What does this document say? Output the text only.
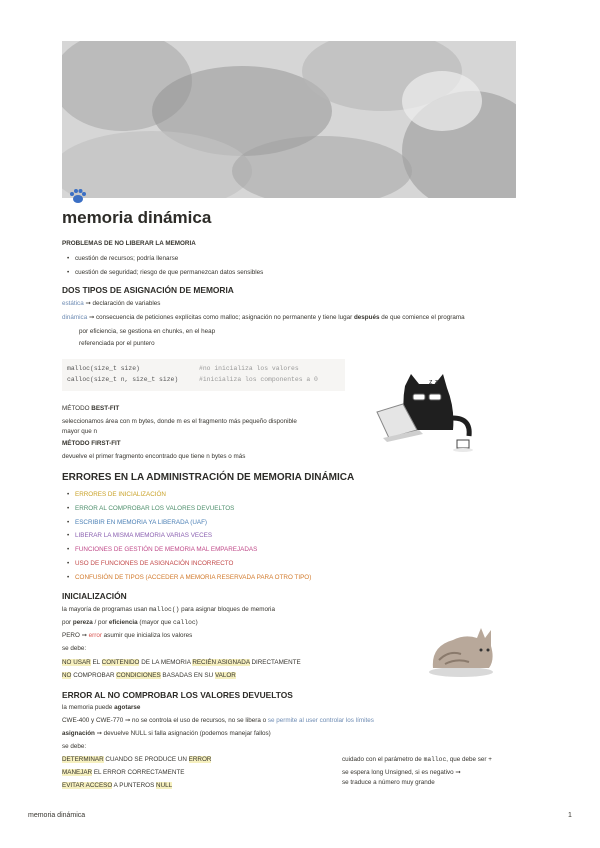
memoria dinámica
PROBLEMAS DE NO LIBERAR LA MEMORIA
• cuestión de recursos; podría llenarse
• cuestión de seguridad; riesgo de que permanezcan datos sensibles
DOS TIPOS DE ASIGNACIÓN DE MEMORIA
estática ➞ declaración de variables
dinámica ➞ consecuencia de peticiones explícitas como malloc; asignación no permanente y tiene lugar después de que comience el programa
por eficiencia, se gestiona en chunks, en el heap
referenciada por el puntero
malloc(size_t size)	#no inicializa los valores
calloc(size_t n, size_t size)	#inicializa los componentes a 0	z z
MÉTODO BEST-FIT
seleccionamos área con m bytes, donde m es el fragmento más pequeño disponible
mayor que n
MÉTODO FIRST-FIT
devuelve el primer fragmento encontrado que tiene n bytes o más
ERRORES EN LA ADMINISTRACIÓN DE MEMORIA DINÁMICA
• ERRORES DE INICIALIZACIÓN
• ERROR AL COMPROBAR LOS VALORES DEVUELTOS
• ESCRIBIR EN MEMORIA YA LIBERADA (UAF)
• LIBERAR LA MISMA MEMORIA VARIAS VECES
• FUNCIONES DE GESTIÓN DE MEMORIA MAL EMPAREJADAS
• USO DE FUNCIONES DE ASIGNACIÓN INCORRECTO
• CONFUSIÓN DE TIPOS (ACCEDER A MEMORIA RESERVADA PARA OTRO TIPO)
INICIALIZACIÓN
la mayoría de programas usan malloc() para asignar bloques de memoria
por pereza / por eficiencia (mayor que calloc)
PERO ➞ error asumir que inicializa los valores
se debe:
NO USAR EL CONTENIDO DE LA MEMORIA RECIÉN ASIGNADA DIRECTAMENTE
NO COMPROBAR CONDICIONES BASADAS EN SU VALOR
ERROR AL NO COMPROBAR LOS VALORES DEVUELTOS
la memoria puede agotarse
CWE-400 y CWE-770 ➞ no se controla el uso de recursos, no se libera o se permite al user controlar los límites
asignación ➞ devuelve NULL si falla asignación (podemos manejar fallos)
se debe:
DETERMINAR CUANDO SE PRODUCE UN ERROR
MANEJAR EL ERROR CORRECTAMENTE
EVITAR ACCESO A PUNTEROS NULL
cuidado con el parámetro de malloc, que debe ser +
se espera long Unsigned, si es negativo ➞
se traduce a número muy grande
memoria dinámica	1
